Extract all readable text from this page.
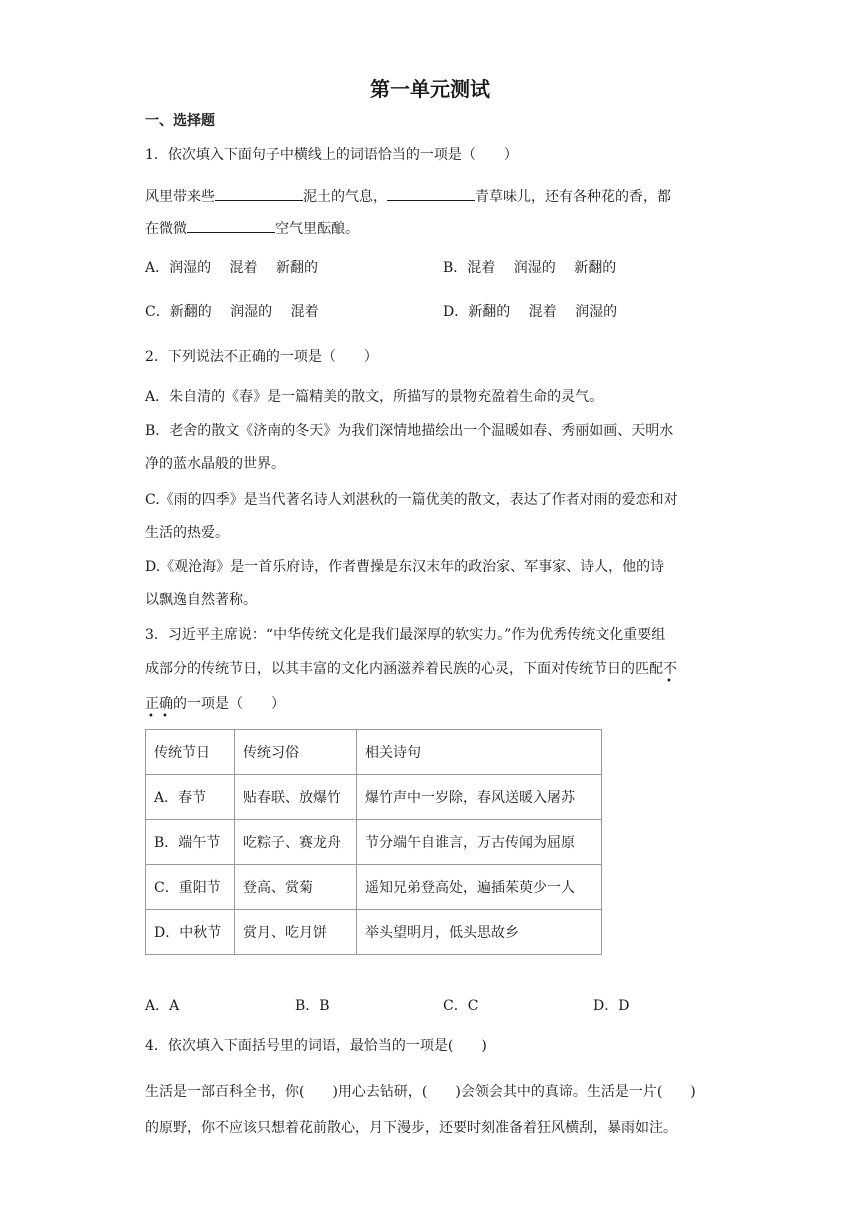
第一单元测试
一、选择题
1．依次填入下面句子中横线上的词语恰当的一项是（　　）
风里带来些	泥土的气息，	青草味儿，还有各种花的香，都
在微微	空气里酝酿。
A．润湿的　 混着　 新翻的	B．混着　 润湿的　 新翻的
C．新翻的　 润湿的　 混着	D．新翻的　 混着　 润湿的
2．下列说法不正确的一项是（　　）
A．朱自清的《春》是一篇精美的散文，所描写的景物充盈着生命的灵气。
B．老舍的散文《济南的冬天》为我们深情地描绘出一个温暖如春、秀丽如画、天明水
净的蓝水晶般的世界。
C.《雨的四季》是当代著名诗人刘湛秋的一篇优美的散文，表达了作者对雨的爱恋和对
生活的热爱。
D.《观沧海》是一首乐府诗，作者曹操是东汉末年的政治家、军事家、诗人，他的诗
以飘逸自然著称。
3．习近平主席说：“中华传统文化是我们最深厚的软实力。”作为优秀传统文化重要组
成部分的传统节日，以其丰富的文化内涵滋养着民族的心灵，下面对传统节日的匹配不
•
正确
• •
的一项是（　　）
传统节日	传统习俗	相关诗句
A．春节	贴春联、放爆竹	爆竹声中一岁除，春风送暖入屠苏
B．端午节	吃粽子、赛龙舟	节分端午自谁言，万古传闻为屈原
C．重阳节	登高、赏菊	遥知兄弟登高处，遍插茱萸少一人
D．中秋节	赏月、吃月饼	举头望明月，低头思故乡
A．A	B．B	C．C	D．D
4．依次填入下面括号里的词语，最恰当的一项是(　　)
生活是一部百科全书，你(　　)用心去钻研，(　　)会领会其中的真谛。生活是一片(　　)
的原野，你不应该只想着花前散心，月下漫步，还要时刻准备着狂风横刮，暴雨如注。
